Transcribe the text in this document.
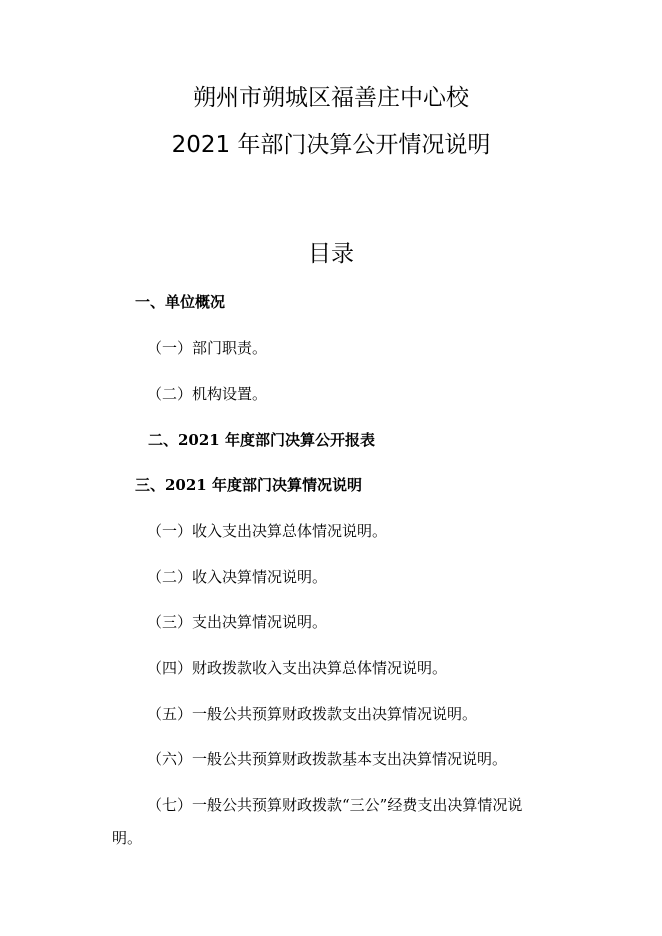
朔州市朔城区福善庄中心校
2021 年部门决算公开情况说明
目录
一、单位概况
（一）部门职责。
（二）机构设置。
二、2021 年度部门决算公开报表
三、2021 年度部门决算情况说明
（一）收入支出决算总体情况说明。
（二）收入决算情况说明。
（三）支出决算情况说明。
（四）财政拨款收入支出决算总体情况说明。
（五）一般公共预算财政拨款支出决算情况说明。
（六）一般公共预算财政拨款基本支出决算情况说明。
（七）一般公共预算财政拨款“三公”经费支出决算情况说
明。
